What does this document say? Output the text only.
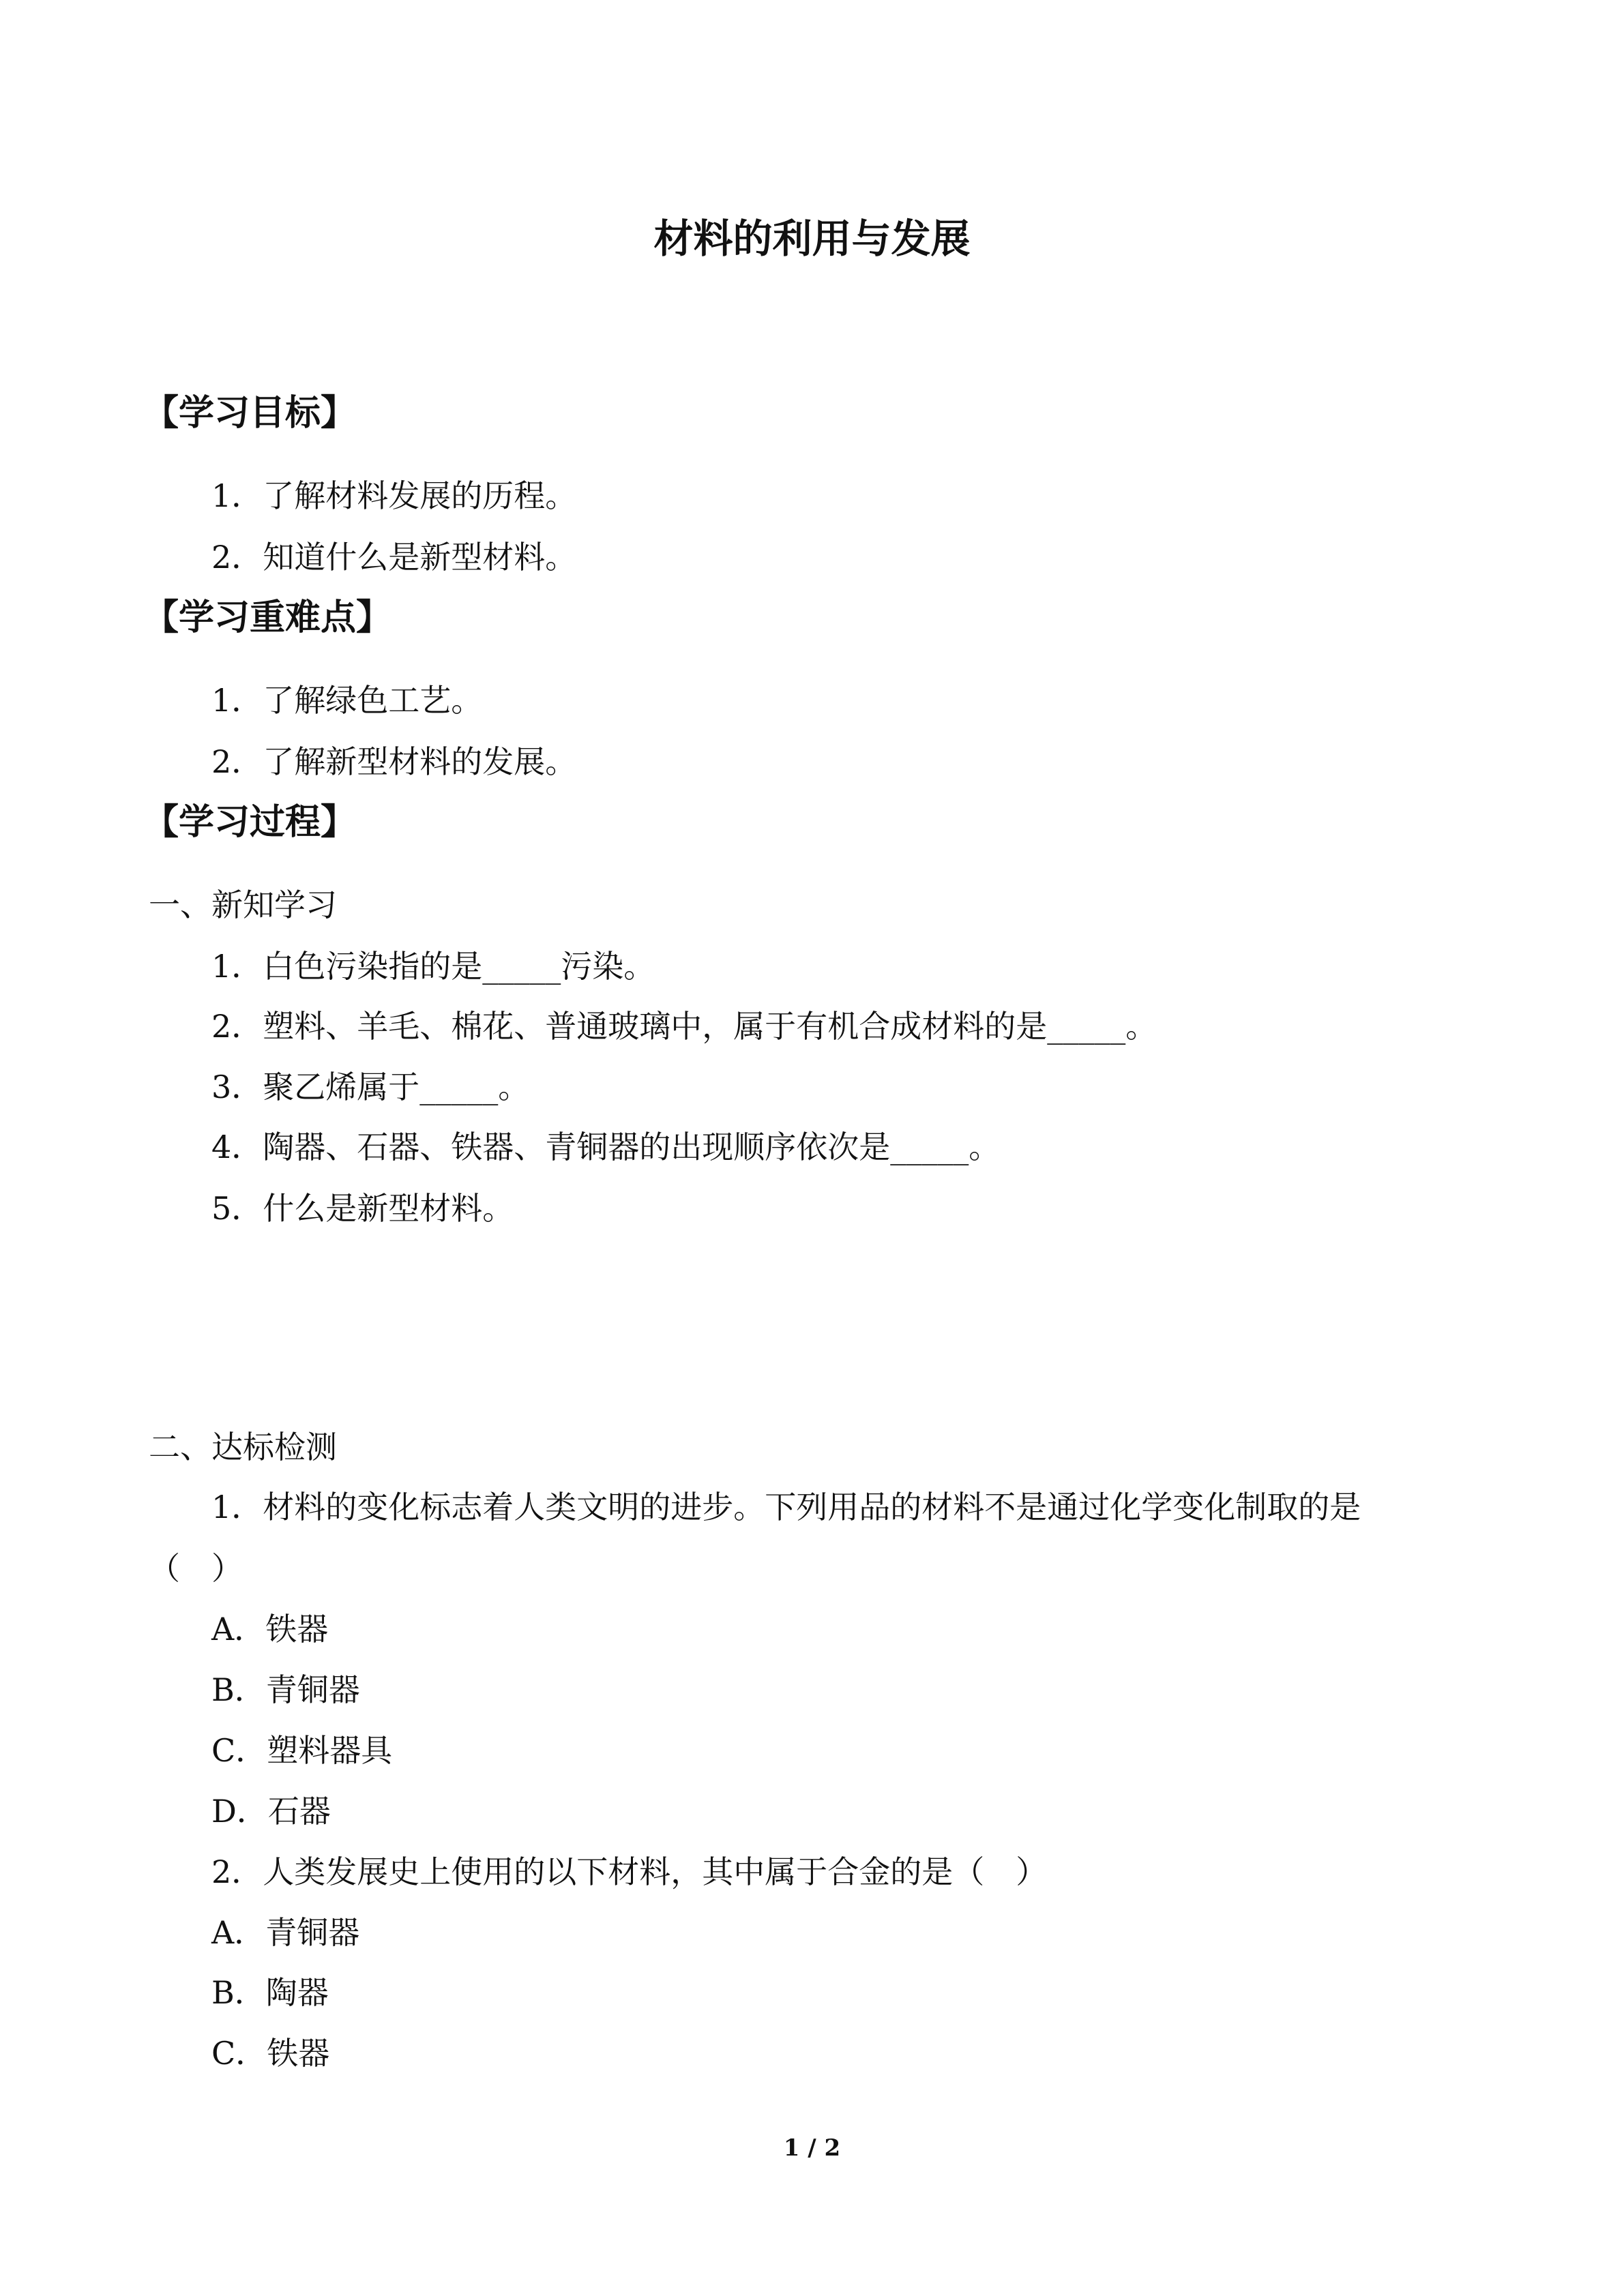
材料的利用与发展
【学习目标】
1．了解材料发展的历程。
2．知道什么是新型材料。
【学习重难点】
1．了解绿色工艺。
2．了解新型材料的发展。
【学习过程】
一、新知学习
1．白色污染指的是_____污染。
2．塑料、羊毛、棉花、普通玻璃中，属于有机合成材料的是_____。
3．聚乙烯属于_____。
4．陶器、石器、铁器、青铜器的出现顺序依次是_____。
5．什么是新型材料。
二、达标检测
1．材料的变化标志着人类文明的进步。下列用品的材料不是通过化学变化制取的是
（　）
A．铁器
B．青铜器
C．塑料器具
D．石器
2．人类发展史上使用的以下材料，其中属于合金的是（　）
A．青铜器
B．陶器
C．铁器
1 / 2
